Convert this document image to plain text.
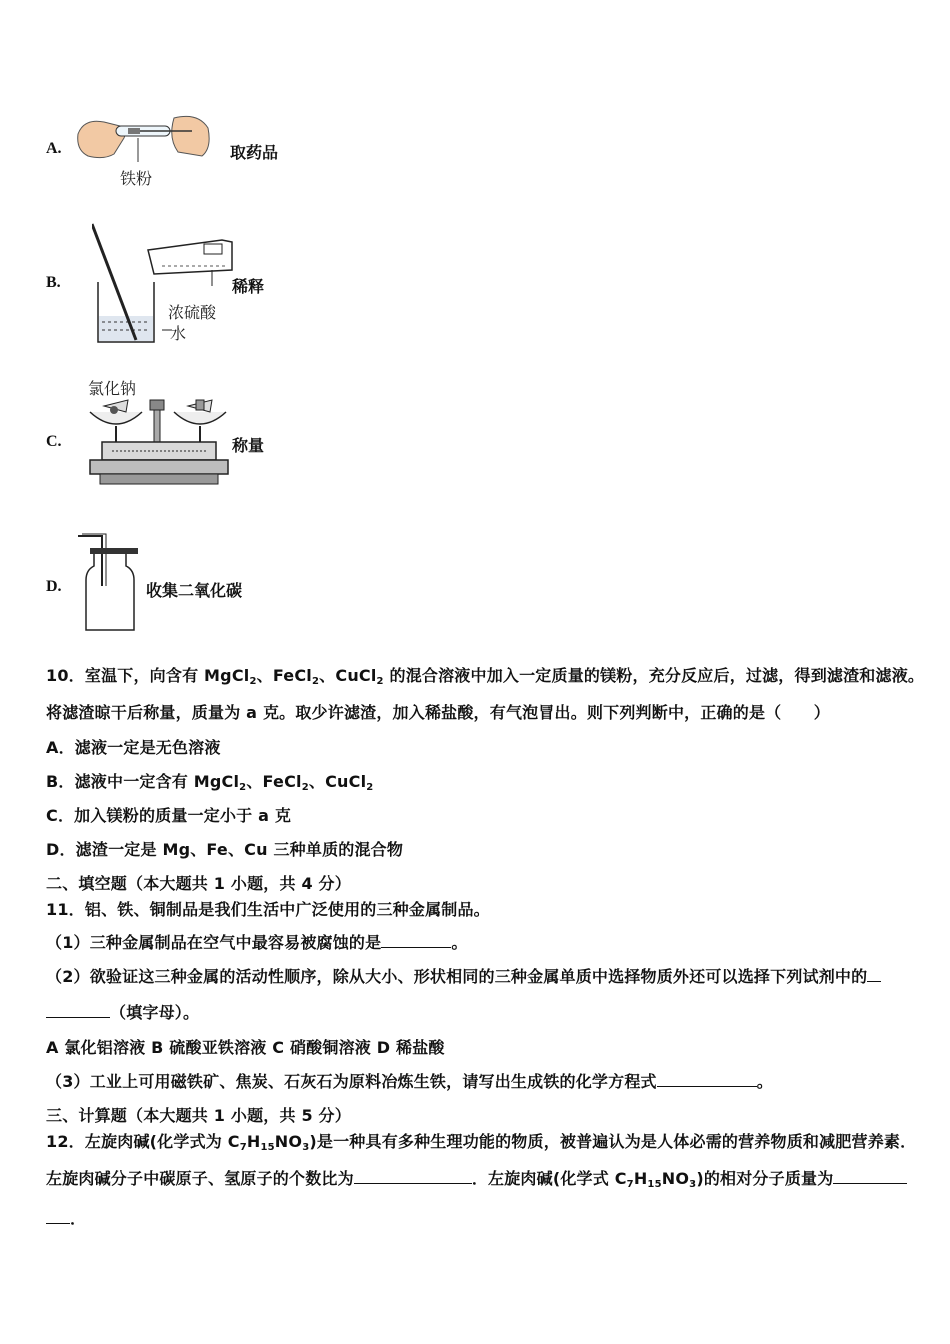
A.
铁粉
取药品
B.
浓硫酸
水
稀释
C.
氯化钠
称量
D.	收集二氧化碳
10．室温下，向含有 MgCl$_2$、FeCl$_2$、CuCl$_2$ 的混合溶液中加入一定质量的镁粉，充分反应后，过滤，得到滤渣和滤液。
将滤渣晾干后称量，质量为 a 克。取少许滤渣，加入稀盐酸，有气泡冒出。则下列判断中，正确的是（　　）
A．滤液一定是无色溶液
B．滤液中一定含有 MgCl$_2$、FeCl$_2$、CuCl$_2$
C．加入镁粉的质量一定小于 a 克
D．滤渣一定是 Mg、Fe、Cu 三种单质的混合物
二、填空题（本大题共 1 小题，共 4 分）
11．铝、铁、铜制品是我们生活中广泛使用的三种金属制品。
（1）三种金属制品在空气中最容易被腐蚀的是	。
（2）欲验证这三种金属的活动性顺序，除从大小、形状相同的三种金属单质中选择物质外还可以选择下列试剂中的
（填字母）。
A 氯化铝溶液 B 硫酸亚铁溶液 C 硝酸铜溶液 D 稀盐酸
（3）工业上可用磁铁矿、焦炭、石灰石为原料冶炼生铁，请写出生成铁的化学方程式	。
三、计算题（本大题共 1 小题，共 5 分）
12．左旋肉碱(化学式为 $C_7H_{15}NO_3$)是一种具有多种生理功能的物质，被普遍认为是人体必需的营养物质和减肥营养素．
左旋肉碱分子中碳原子、氢原子的个数比为	．左旋肉碱(化学式 $C_7H_{15}NO_3$)的相对分子质量为
．
